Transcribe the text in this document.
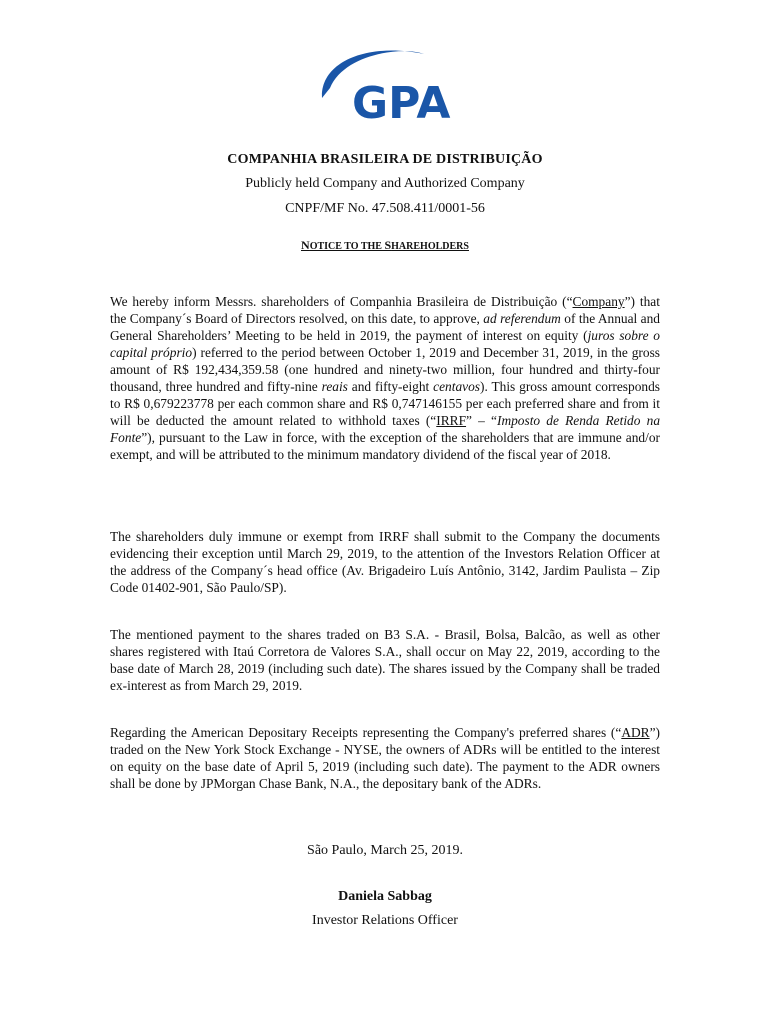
GPA
COMPANHIA BRASILEIRA DE DISTRIBUIÇÃO
Publicly held Company and Authorized Company
CNPF/MF No. 47.508.411/0001-56
NOTICE TO THE SHAREHOLDERS

We hereby inform Messrs. shareholders of Companhia Brasileira de Distribuição (“Company”) that the Company´s Board of Directors resolved, on this date, to approve, ad referendum of the Annual and General Shareholders’ Meeting to be held in 2019, the payment of interest on equity (juros sobre o capital próprio) referred to the period between October 1, 2019 and December 31, 2019, in the gross amount of R$ 192,434,359.58 (one hundred and ninety-two million, four hundred and thirty-four thousand, three hundred and fifty-nine reais and fifty-eight centavos). This gross amount corresponds to R$ 0,679223778 per each common share and R$ 0,747146155 per each preferred share and from it will be deducted the amount related to withhold taxes (“IRRF” – “Imposto de Renda Retido na Fonte”), pursuant to the Law in force, with the exception of the shareholders that are immune and/or exempt, and will be attributed to the minimum mandatory dividend of the fiscal year of 2018.

The shareholders duly immune or exempt from IRRF shall submit to the Company the documents evidencing their exception until March 29, 2019, to the attention of the Investors Relation Officer at the address of the Company´s head office (Av. Brigadeiro Luís Antônio, 3142, Jardim Paulista – Zip Code 01402-901, São Paulo/SP).

The mentioned payment to the shares traded on B3 S.A. - Brasil, Bolsa, Balcão, as well as other shares registered with Itaú Corretora de Valores S.A., shall occur on May 22, 2019, according to the base date of March 28, 2019 (including such date). The shares issued by the Company shall be traded ex-interest as from March 29, 2019.

Regarding the American Depositary Receipts representing the Company's preferred shares (“ADR”) traded on the New York Stock Exchange - NYSE, the owners of ADRs will be entitled to the interest on equity on the base date of April 5, 2019 (including such date). The payment to the ADR owners shall be done by JPMorgan Chase Bank, N.A., the depositary bank of the ADRs.

São Paulo, March 25, 2019.
Daniela Sabbag
Investor Relations Officer
